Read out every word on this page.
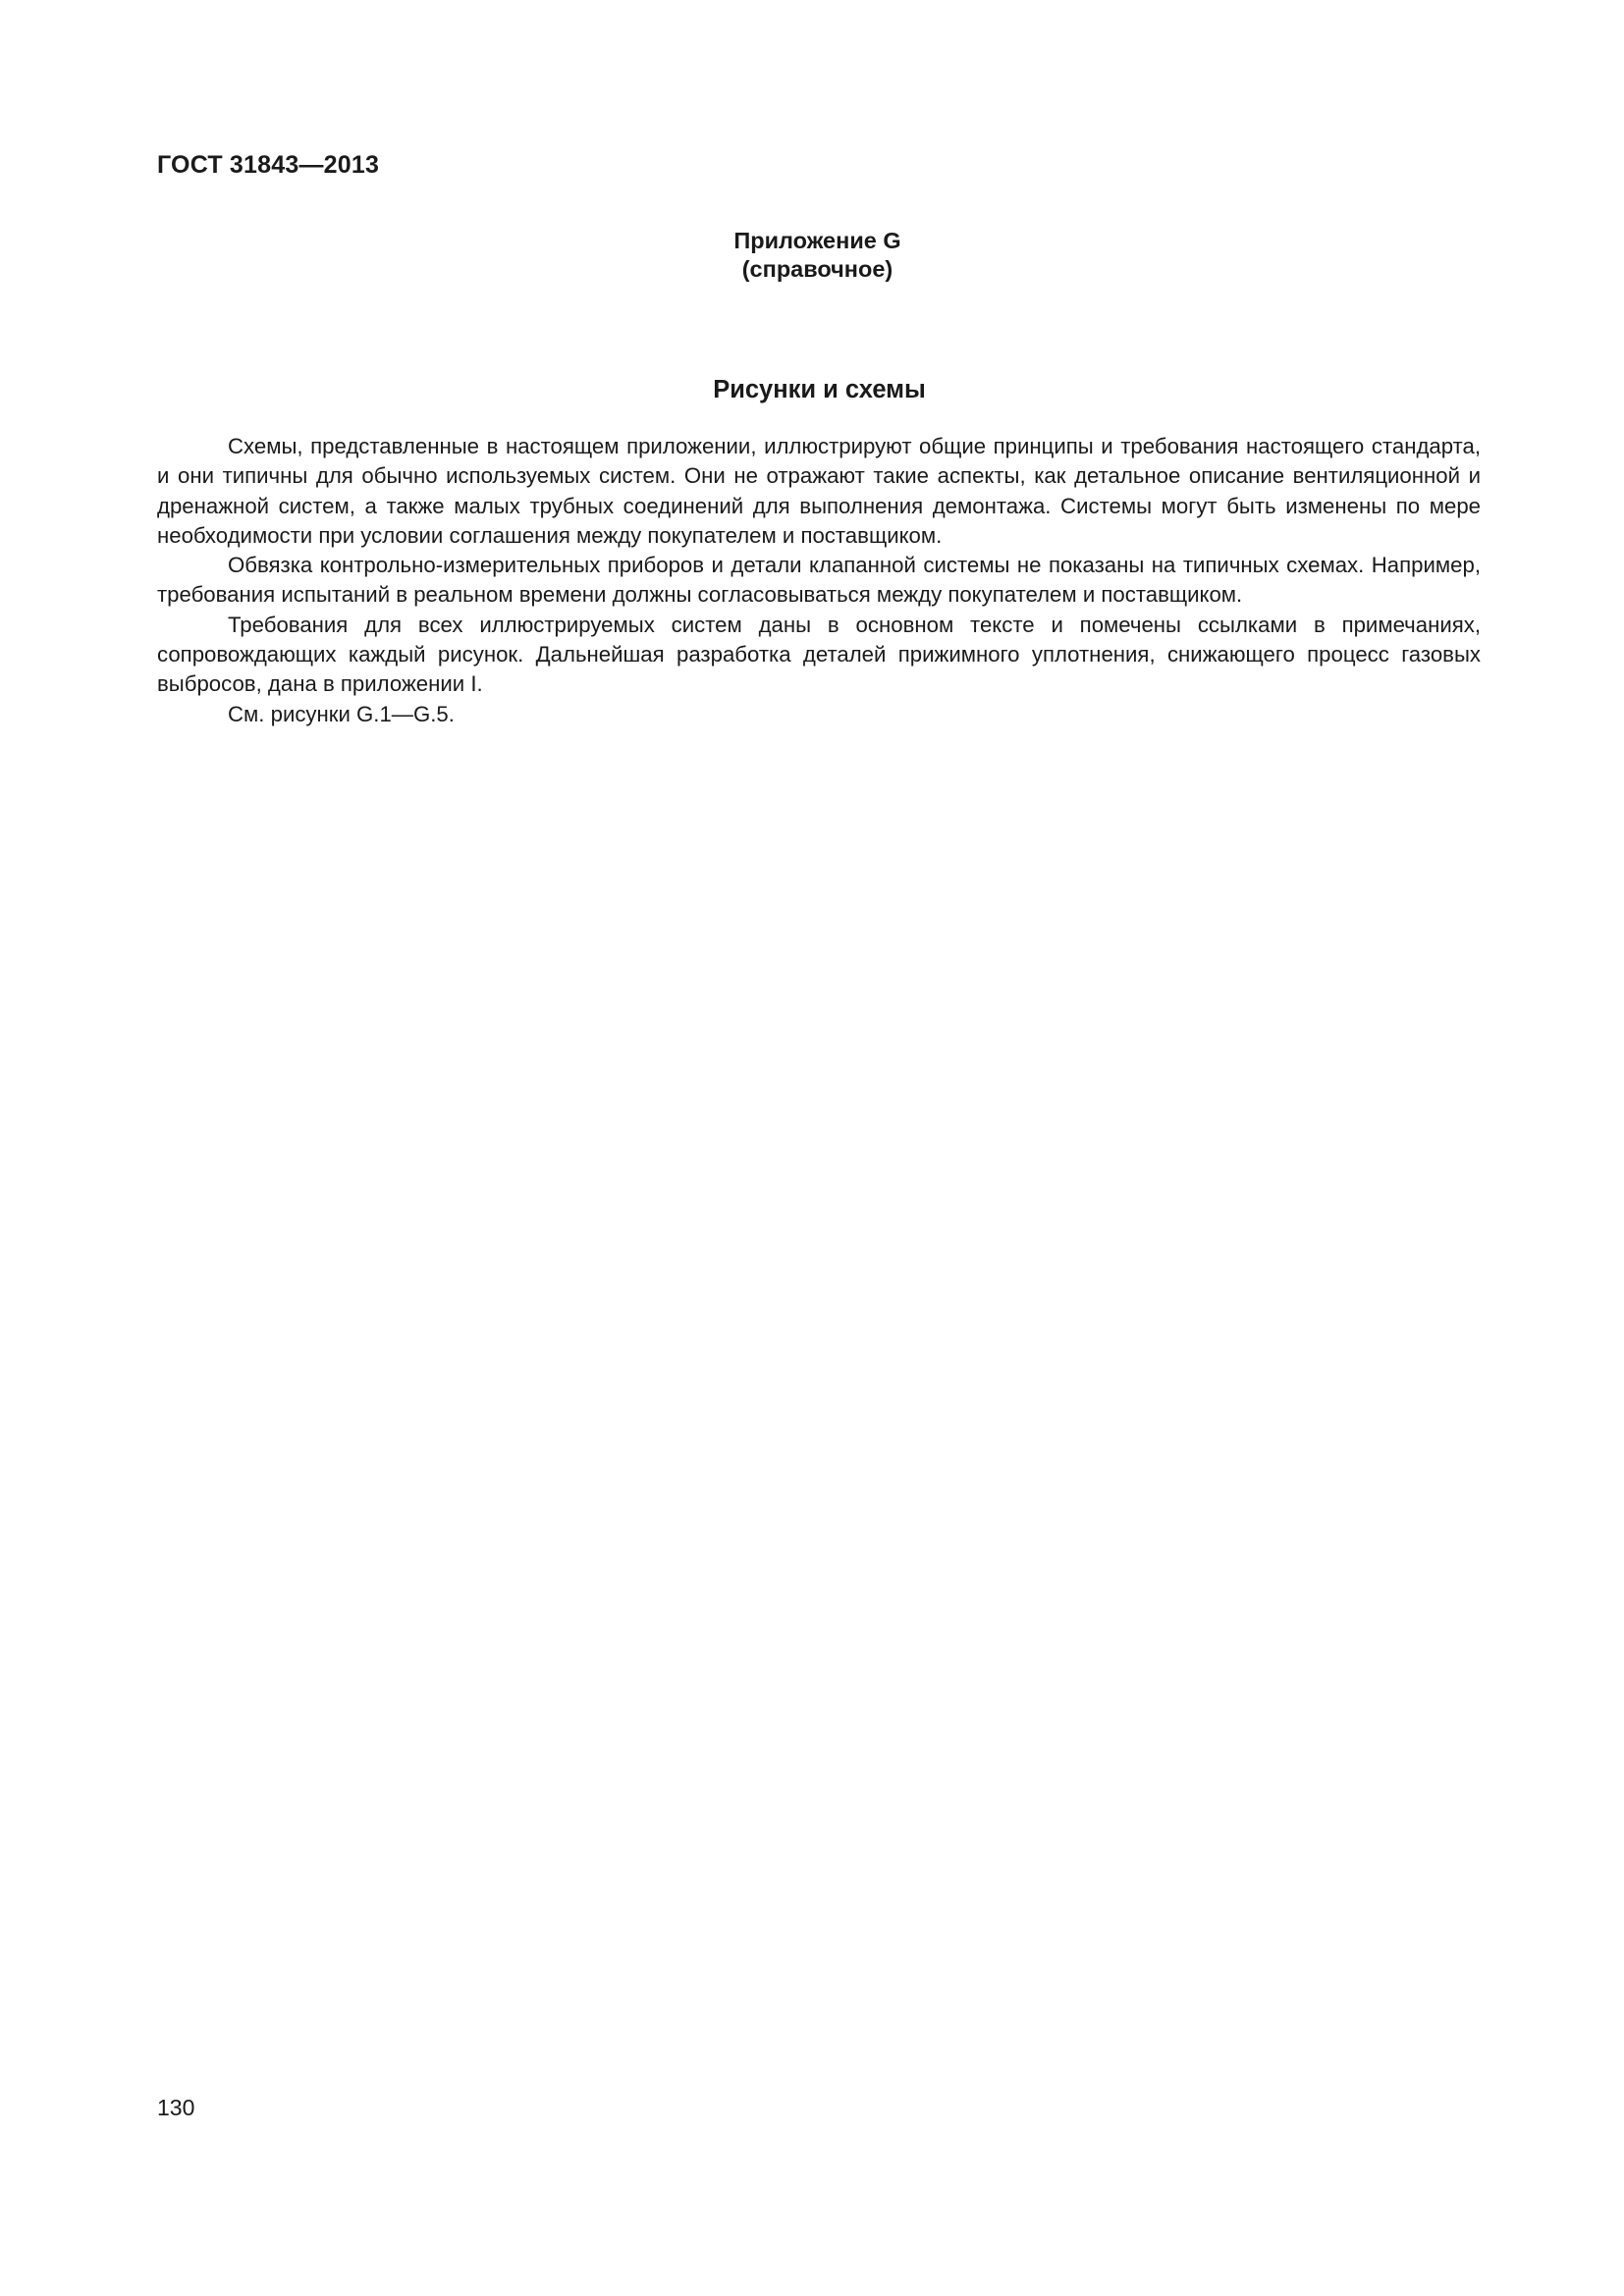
ГОСТ 31843—2013

Приложение G

(справочное)

Рисунки и схемы

Схемы, представленные в настоящем приложении, иллюстрируют общие принципы и требования настоящего стандарта, и они типичны для обычно используемых систем. Они не отражают такие аспекты, как детальное описание вентиляционной и дренажной систем, а также малых трубных соединений для выполнения демонтажа. Системы могут быть изменены по мере необходимости при условии соглашения между покупателем и поставщиком.

Обвязка контрольно-измерительных приборов и детали клапанной системы не показаны на типичных схемах. Например, требования испытаний в реальном времени должны согласовываться между покупателем и поставщиком.

Требования для всех иллюстрируемых систем даны в основном тексте и помечены ссылками в примечаниях, сопровождающих каждый рисунок. Дальнейшая разработка деталей прижимного уплотнения, снижающего процесс газовых выбросов, дана в приложении I.

См. рисунки G.1—G.5.

130
